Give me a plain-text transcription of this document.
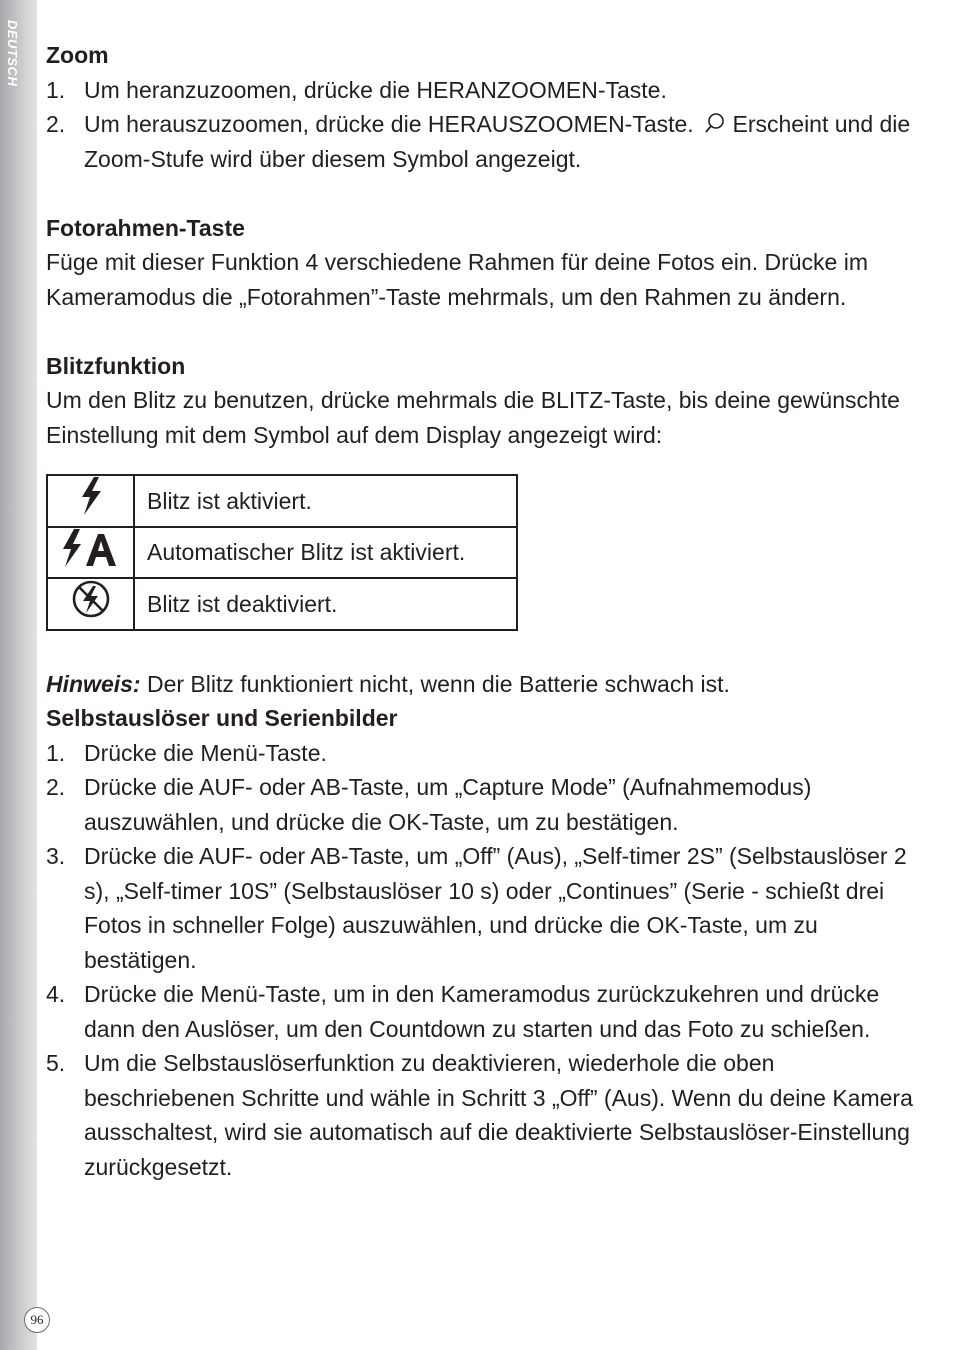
DEUTSCH
96
Zoom
1. Um heranzuzoomen, drücke die HERANZOOMEN-Taste.
2. Um herauszuzoomen, drücke die HERAUSZOOMEN-Taste.  Erscheint und die Zoom-Stufe wird über diesem Symbol angezeigt.
Fotorahmen-Taste

Füge mit dieser Funktion 4 verschiedene Rahmen für deine Fotos ein. Drücke im Kameramodus die „Fotorahmen”-Taste mehrmals, um den Rahmen zu ändern.

Blitzfunktion

Um den Blitz zu benutzen, drücke mehrmals die BLITZ-Taste, bis deine gewünschte Einstellung mit dem Symbol auf dem Display angezeigt wird:

	Blitz ist aktiviert.
	Automatischer Blitz ist aktiviert.
	Blitz ist deaktiviert.

Hinweis: Der Blitz funktioniert nicht, wenn die Batterie schwach ist.

Selbstauslöser und Serienbilder
1. Drücke die Menü-Taste.
2. Drücke die AUF- oder AB-Taste, um „Capture Mode” (Aufnahmemodus) auszuwählen, und drücke die OK-Taste, um zu bestätigen.
3. Drücke die AUF- oder AB-Taste, um „Off” (Aus), „Self-timer 2S” (Selbstauslöser 2 s), „Self-timer 10S” (Selbstauslöser 10 s) oder „Continues” (Serie - schießt drei Fotos in schneller Folge) auszuwählen, und drücke die OK-Taste, um zu bestätigen.
4. Drücke die Menü-Taste, um in den Kameramodus zurückzukehren und drücke dann den Auslöser, um den Countdown zu starten und das Foto zu schießen.
5. Um die Selbstauslöserfunktion zu deaktivieren, wiederhole die oben beschriebenen Schritte und wähle in Schritt 3 „Off” (Aus). Wenn du deine Kamera ausschaltest, wird sie automatisch auf die deaktivierte Selbstauslöser-Einstellung zurückgesetzt.
